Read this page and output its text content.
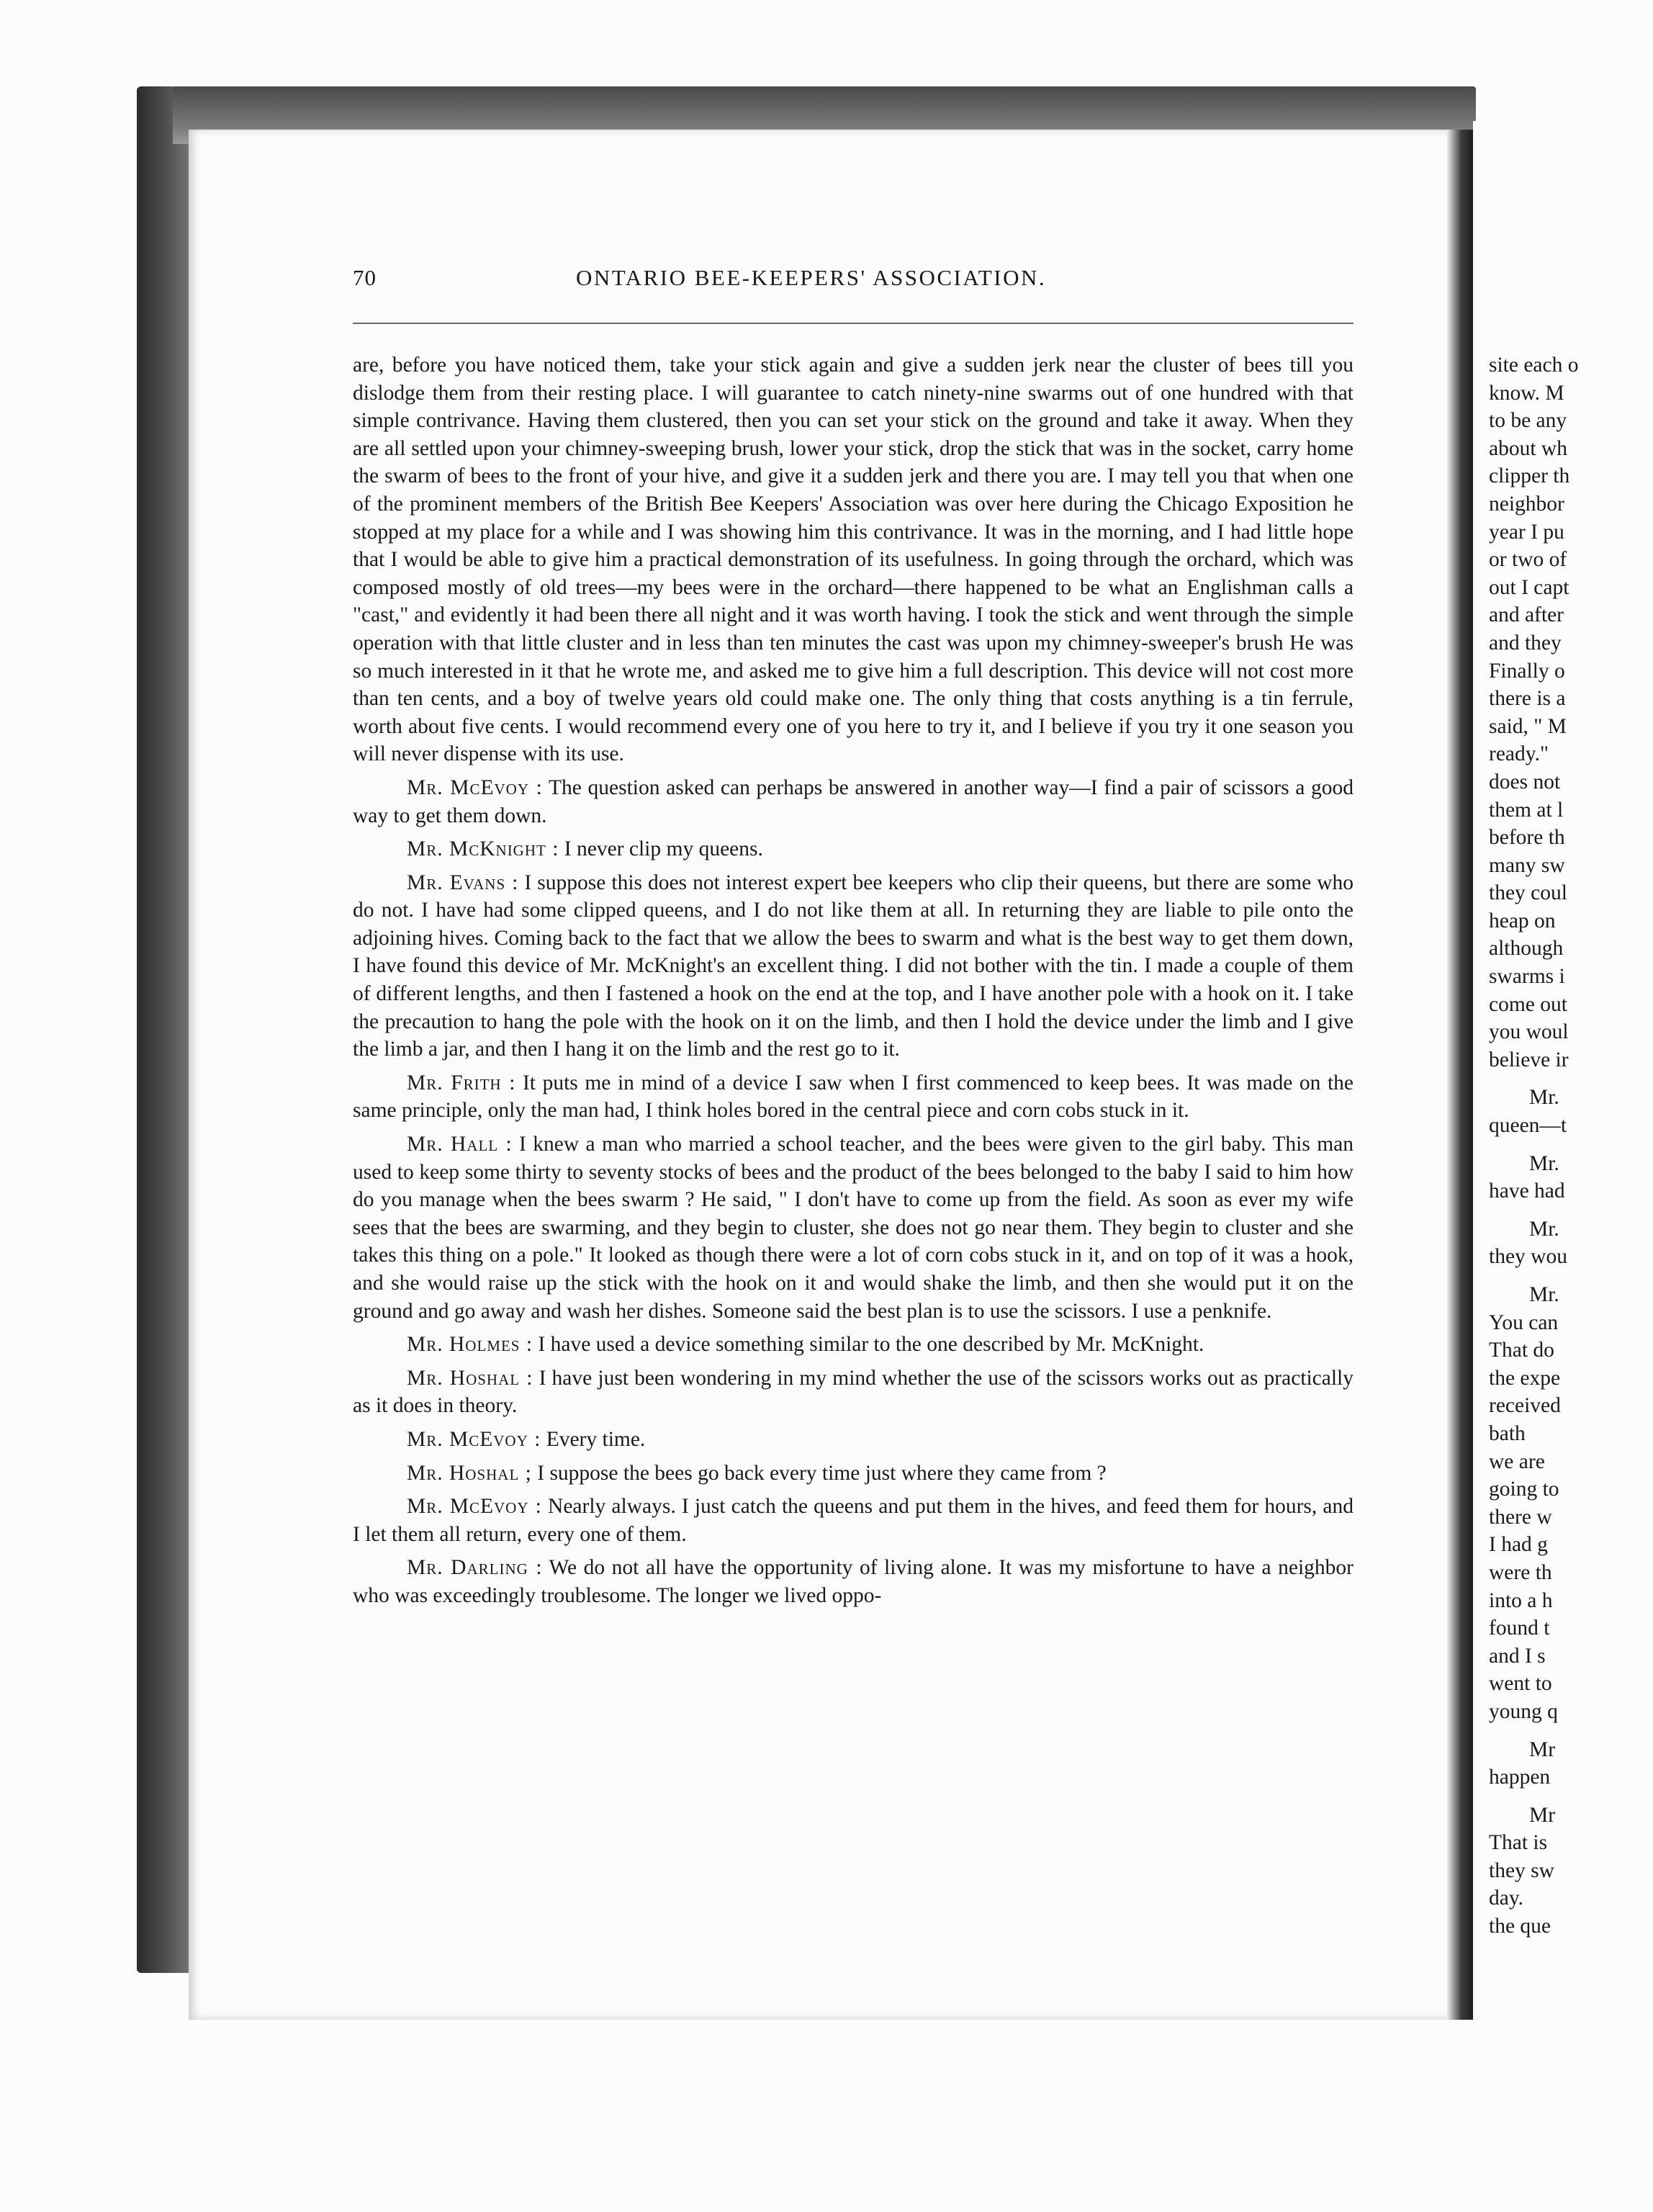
70	ONTARIO BEE-KEEPERS' ASSOCIATION.

are, before you have noticed them, take your stick again and give a sudden jerk near the cluster of bees till you dislodge them from their resting place. I will guarantee to catch ninety-nine swarms out of one hundred with that simple contrivance. Having them clustered, then you can set your stick on the ground and take it away. When they are all settled upon your chimney-sweeping brush, lower your stick, drop the stick that was in the socket, carry home the swarm of bees to the front of your hive, and give it a sudden jerk and there you are. I may tell you that when one of the prominent members of the British Bee Keepers' Association was over here during the Chicago Exposition he stopped at my place for a while and I was showing him this contrivance. It was in the morning, and I had little hope that I would be able to give him a practical demonstration of its usefulness. In going through the orchard, which was composed mostly of old trees—my bees were in the orchard—there happened to be what an Englishman calls a "cast," and evidently it had been there all night and it was worth having. I took the stick and went through the simple operation with that little cluster and in less than ten minutes the cast was upon my chimney-sweeper's brush He was so much interested in it that he wrote me, and asked me to give him a full description. This device will not cost more than ten cents, and a boy of twelve years old could make one. The only thing that costs anything is a tin ferrule, worth about five cents. I would recommend every one of you here to try it, and I believe if you try it one season you will never dispense with its use.

Mr. McEvoy : The question asked can perhaps be answered in another way—I find a pair of scissors a good way to get them down.

Mr. McKnight : I never clip my queens.

Mr. Evans : I suppose this does not interest expert bee keepers who clip their queens, but there are some who do not. I have had some clipped queens, and I do not like them at all. In returning they are liable to pile onto the adjoining hives. Coming back to the fact that we allow the bees to swarm and what is the best way to get them down, I have found this device of Mr. McKnight's an excellent thing. I did not bother with the tin. I made a couple of them of different lengths, and then I fastened a hook on the end at the top, and I have another pole with a hook on it. I take the precaution to hang the pole with the hook on it on the limb, and then I hold the device under the limb and I give the limb a jar, and then I hang it on the limb and the rest go to it.

Mr. Frith : It puts me in mind of a device I saw when I first commenced to keep bees. It was made on the same principle, only the man had, I think holes bored in the central piece and corn cobs stuck in it.

Mr. Hall : I knew a man who married a school teacher, and the bees were given to the girl baby. This man used to keep some thirty to seventy stocks of bees and the product of the bees belonged to the baby I said to him how do you manage when the bees swarm ? He said, " I don't have to come up from the field. As soon as ever my wife sees that the bees are swarming, and they begin to cluster, she does not go near them. They begin to cluster and she takes this thing on a pole." It looked as though there were a lot of corn cobs stuck in it, and on top of it was a hook, and she would raise up the stick with the hook on it and would shake the limb, and then she would put it on the ground and go away and wash her dishes. Someone said the best plan is to use the scissors. I use a penknife.

Mr. Holmes : I have used a device something similar to the one described by Mr. McKnight.

Mr. Hoshal : I have just been wondering in my mind whether the use of the scissors works out as practically as it does in theory.

Mr. McEvoy : Every time.

Mr. Hoshal ; I suppose the bees go back every time just where they came from ?

Mr. McEvoy : Nearly always. I just catch the queens and put them in the hives, and feed them for hours, and I let them all return, every one of them.

Mr. Darling : We do not all have the opportunity of living alone. It was my misfortune to have a neighbor who was exceedingly troublesome. The longer we lived oppo-

site each o
know. M
to be any
about wh
clipper th
neighbor
year I pu
or two of
out I capt
and after
and they
Finally o
there is a
said, " M
ready."
does not
them at l
before th
many sw
they coul
heap on
although
swarms i
come out
you woul
believe ir
Mr.
queen—t
Mr.
have had
Mr.
they wou
Mr.
You can
That do
the expe
received
bath
we are
going to
there w
I had g
were th
into a h
found t
and I s
went to
young q
Mr
happen
Mr
That is
they sw
day.
the que
